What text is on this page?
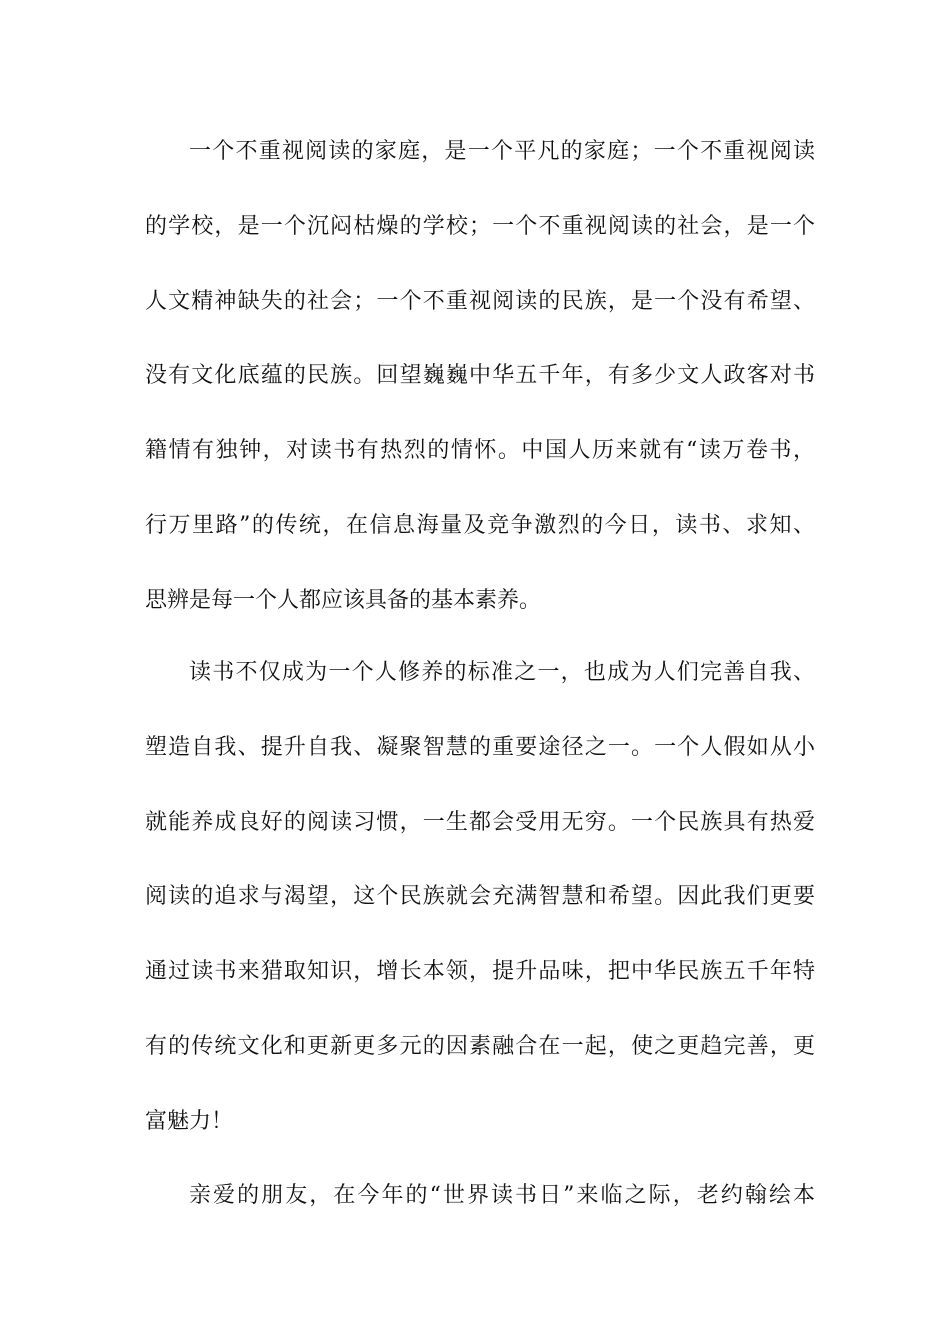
一个不重视阅读的家庭，是一个平凡的家庭；一个不重视阅读
的学校，是一个沉闷枯燥的学校；一个不重视阅读的社会，是一个
人文精神缺失的社会；一个不重视阅读的民族，是一个没有希望、
没有文化底蕴的民族。回望巍巍中华五千年，有多少文人政客对书
籍情有独钟，对读书有热烈的情怀。中国人历来就有“读万卷书，
行万里路”的传统，在信息海量及竞争激烈的今日，读书、求知、
思辨是每一个人都应该具备的基本素养。
读书不仅成为一个人修养的标准之一，也成为人们完善自我、
塑造自我、提升自我、凝聚智慧的重要途径之一。一个人假如从小
就能养成良好的阅读习惯，一生都会受用无穷。一个民族具有热爱
阅读的追求与渴望，这个民族就会充满智慧和希望。因此我们更要
通过读书来猎取知识，增长本领，提升品味，把中华民族五千年特
有的传统文化和更新更多元的因素融合在一起，使之更趋完善，更
富魅力！
亲爱的朋友，在今年的“世界读书日”来临之际，老约翰绘本
